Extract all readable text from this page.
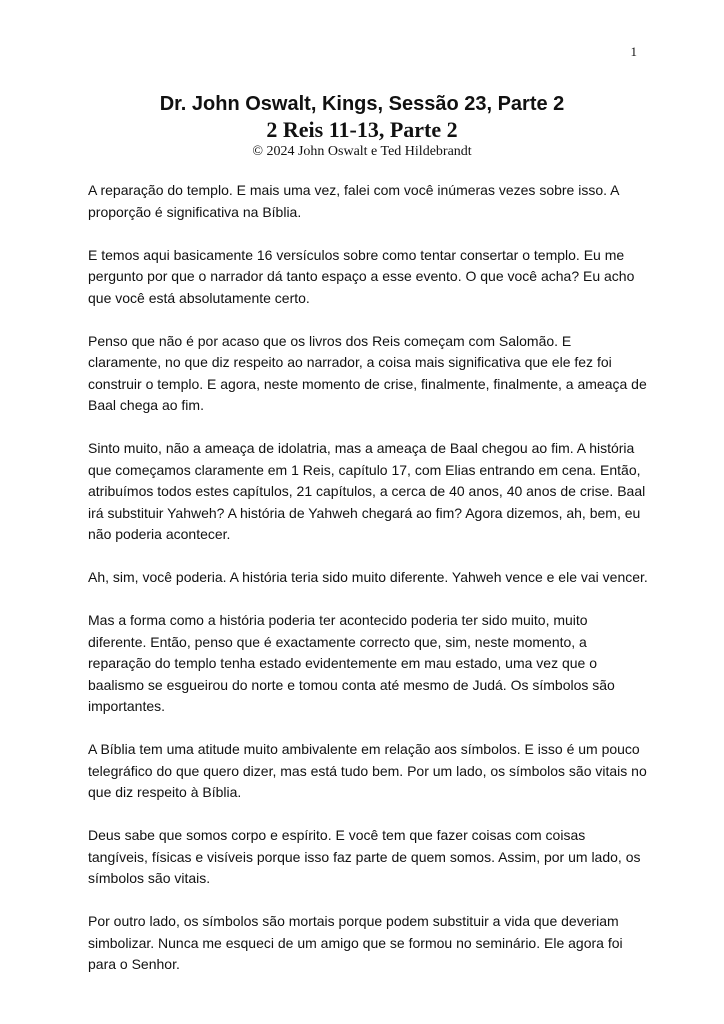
1
Dr. John Oswalt, Kings, Sessão 23, Parte 2
2 Reis 11-13, Parte 2
© 2024 John Oswalt e Ted Hildebrandt

A reparação do templo. E mais uma vez, falei com você inúmeras vezes sobre isso. A proporção é significativa na Bíblia.

E temos aqui basicamente 16 versículos sobre como tentar consertar o templo. Eu me pergunto por que o narrador dá tanto espaço a esse evento. O que você acha? Eu acho que você está absolutamente certo.

Penso que não é por acaso que os livros dos Reis começam com Salomão. E claramente, no que diz respeito ao narrador, a coisa mais significativa que ele fez foi construir o templo. E agora, neste momento de crise, finalmente, finalmente, a ameaça de Baal chega ao fim.

Sinto muito, não a ameaça de idolatria, mas a ameaça de Baal chegou ao fim. A história que começamos claramente em 1 Reis, capítulo 17, com Elias entrando em cena. Então, atribuímos todos estes capítulos, 21 capítulos, a cerca de 40 anos, 40 anos de crise. Baal irá substituir Yahweh? A história de Yahweh chegará ao fim? Agora dizemos, ah, bem, eu não poderia acontecer.

Ah, sim, você poderia. A história teria sido muito diferente. Yahweh vence e ele vai vencer.

Mas a forma como a história poderia ter acontecido poderia ter sido muito, muito diferente. Então, penso que é exactamente correcto que, sim, neste momento, a reparação do templo tenha estado evidentemente em mau estado, uma vez que o baalismo se esgueirou do norte e tomou conta até mesmo de Judá. Os símbolos são importantes.

A Bíblia tem uma atitude muito ambivalente em relação aos símbolos. E isso é um pouco telegráfico do que quero dizer, mas está tudo bem. Por um lado, os símbolos são vitais no que diz respeito à Bíblia.

Deus sabe que somos corpo e espírito. E você tem que fazer coisas com coisas tangíveis, físicas e visíveis porque isso faz parte de quem somos. Assim, por um lado, os símbolos são vitais.

Por outro lado, os símbolos são mortais porque podem substituir a vida que deveriam simbolizar. Nunca me esqueci de um amigo que se formou no seminário. Ele agora foi para o Senhor.
